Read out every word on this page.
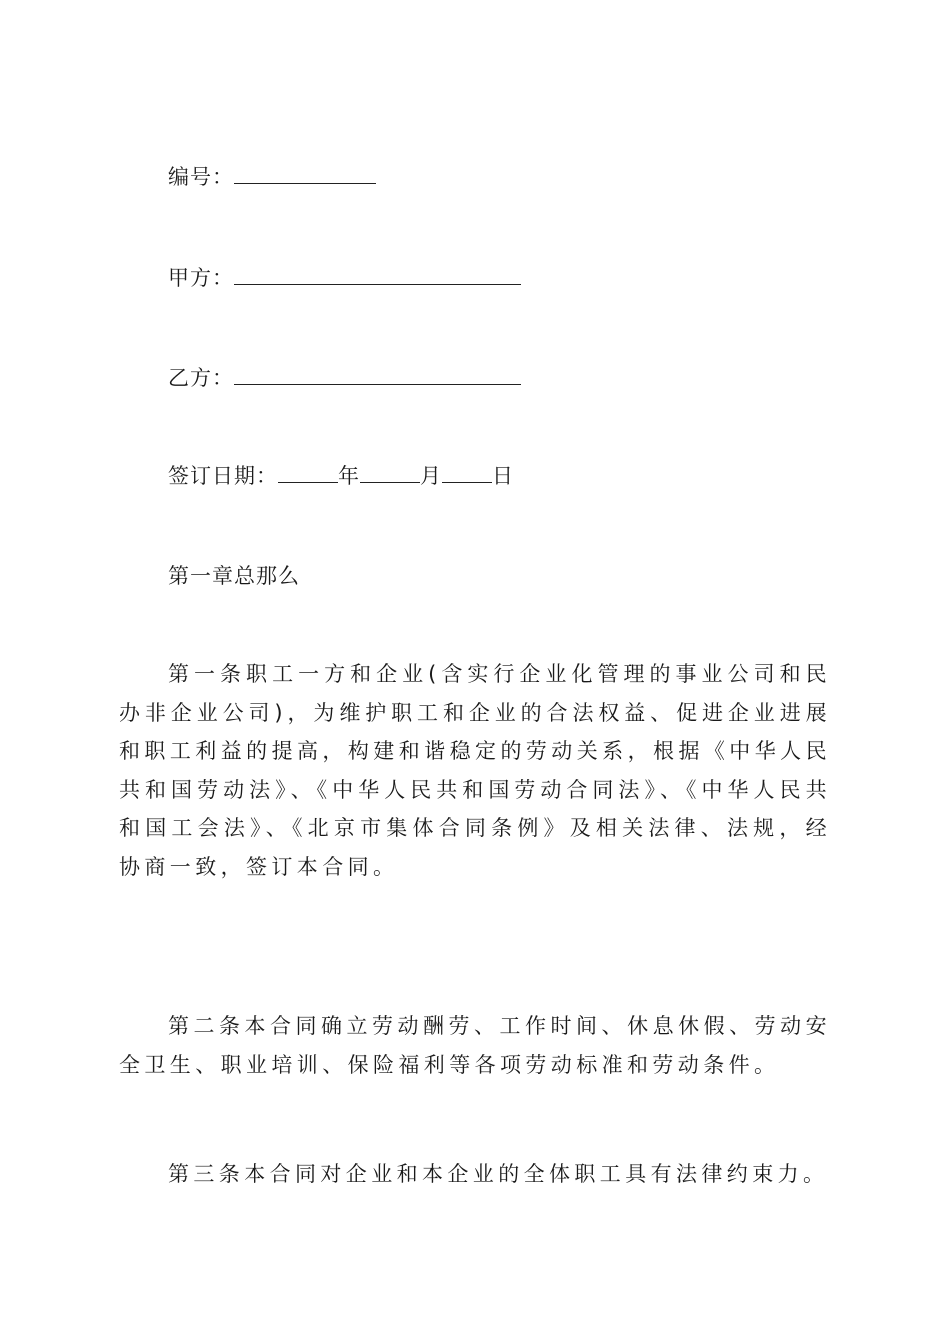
编号：
甲方：
乙方：
签订日期：	年	月 日
第一章总那么

第一条职工一方和企业(含实行企业化管理的事业公司和民办非企业公司)，为维护职工和企业的合法权益、促进企业进展和职工利益的提高，构建和谐稳定的劳动关系，根据《中华人民共和国劳动法》、《中华人民共和国劳动合同法》、《中华人民共和国工会法》、《北京市集体合同条例》及相关法律、法规，经协商一致，签订本合同。

第二条本合同确立劳动酬劳、工作时间、休息休假、劳动安全卫生、职业培训、保险福利等各项劳动标准和劳动条件。

第三条本合同对企业和本企业的全体职工具有法律约束力。
